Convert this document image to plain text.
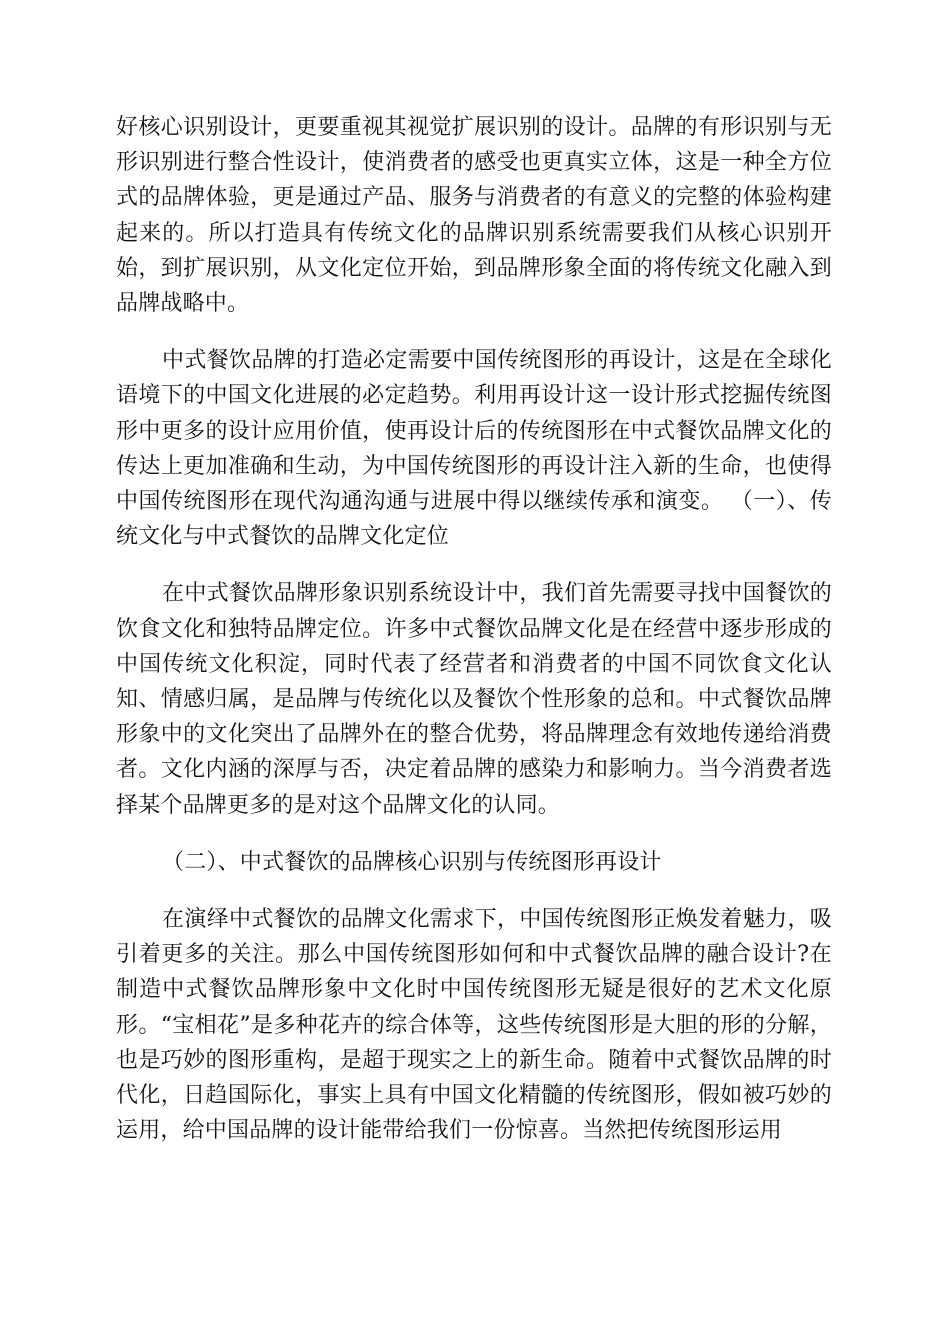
好核心识别设计，更要重视其视觉扩展识别的设计。品牌的有形识别与无形识别进行整合性设计，使消费者的感受也更真实立体，这是一种全方位式的品牌体验，更是通过产品、服务与消费者的有意义的完整的体验构建起来的。所以打造具有传统文化的品牌识别系统需要我们从核心识别开始，到扩展识别，从文化定位开始，到品牌形象全面的将传统文化融入到品牌战略中。

中式餐饮品牌的打造必定需要中国传统图形的再设计，这是在全球化语境下的中国文化进展的必定趋势。利用再设计这一设计形式挖掘传统图形中更多的设计应用价值，使再设计后的传统图形在中式餐饮品牌文化的传达上更加准确和生动，为中国传统图形的再设计注入新的生命，也使得中国传统图形在现代沟通沟通与进展中得以继续传承和演变。 （一）、传统文化与中式餐饮的品牌文化定位

在中式餐饮品牌形象识别系统设计中，我们首先需要寻找中国餐饮的饮食文化和独特品牌定位。许多中式餐饮品牌文化是在经营中逐步形成的中国传统文化积淀，同时代表了经营者和消费者的中国不同饮食文化认知、情感归属，是品牌与传统化以及餐饮个性形象的总和。中式餐饮品牌形象中的文化突出了品牌外在的整合优势，将品牌理念有效地传递给消费者。文化内涵的深厚与否，决定着品牌的感染力和影响力。当今消费者选择某个品牌更多的是对这个品牌文化的认同。

（二）、中式餐饮的品牌核心识别与传统图形再设计

在演绎中式餐饮的品牌文化需求下，中国传统图形正焕发着魅力，吸引着更多的关注。那么中国传统图形如何和中式餐饮品牌的融合设计?在制造中式餐饮品牌形象中文化时中国传统图形无疑是很好的艺术文化原形。“宝相花”是多种花卉的综合体等，这些传统图形是大胆的形的分解，也是巧妙的图形重构，是超于现实之上的新生命。随着中式餐饮品牌的时代化，日趋国际化，事实上具有中国文化精髓的传统图形，假如被巧妙的运用，给中国品牌的设计能带给我们一份惊喜。当然把传统图形运用
